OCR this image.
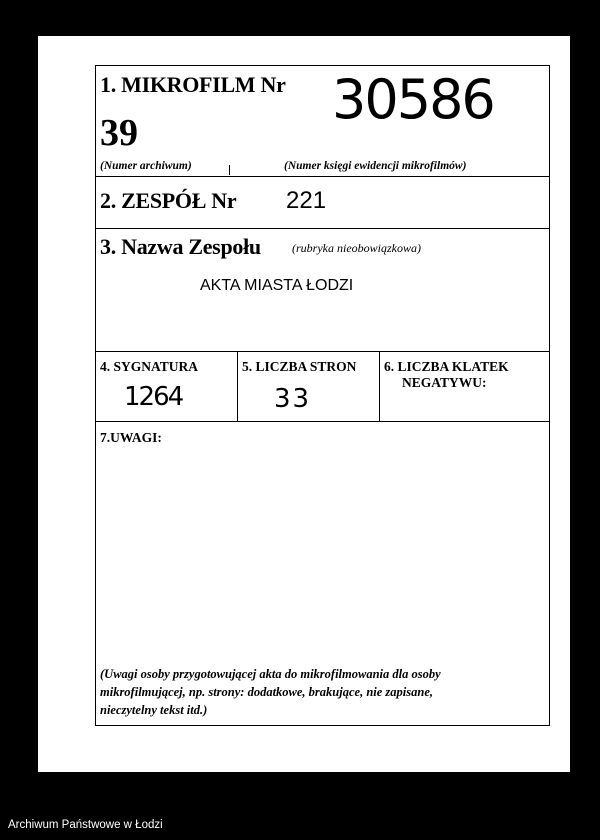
1. MIKROFILM Nr
39
30586
(Numer archiwum)	(Numer księgi ewidencji mikrofilmów)
2. ZESPÓŁ Nr 221
3. Nazwa Zespołu	(rubryka nieobowiązkowa)
AKTA MIASTA ŁODZI
4. SYGNATURA
1264
5. LICZBA STRON
33
6. LICZBA KLATEK
NEGATYWU:
7.UWAGI:
(Uwagi osoby przygotowującej akta do mikrofilmowania dla osoby
mikrofilmującej, np. strony: dodatkowe, brakujące, nie zapisane,
nieczytelny tekst itd.)
Archiwum Państwowe w Łodzi
